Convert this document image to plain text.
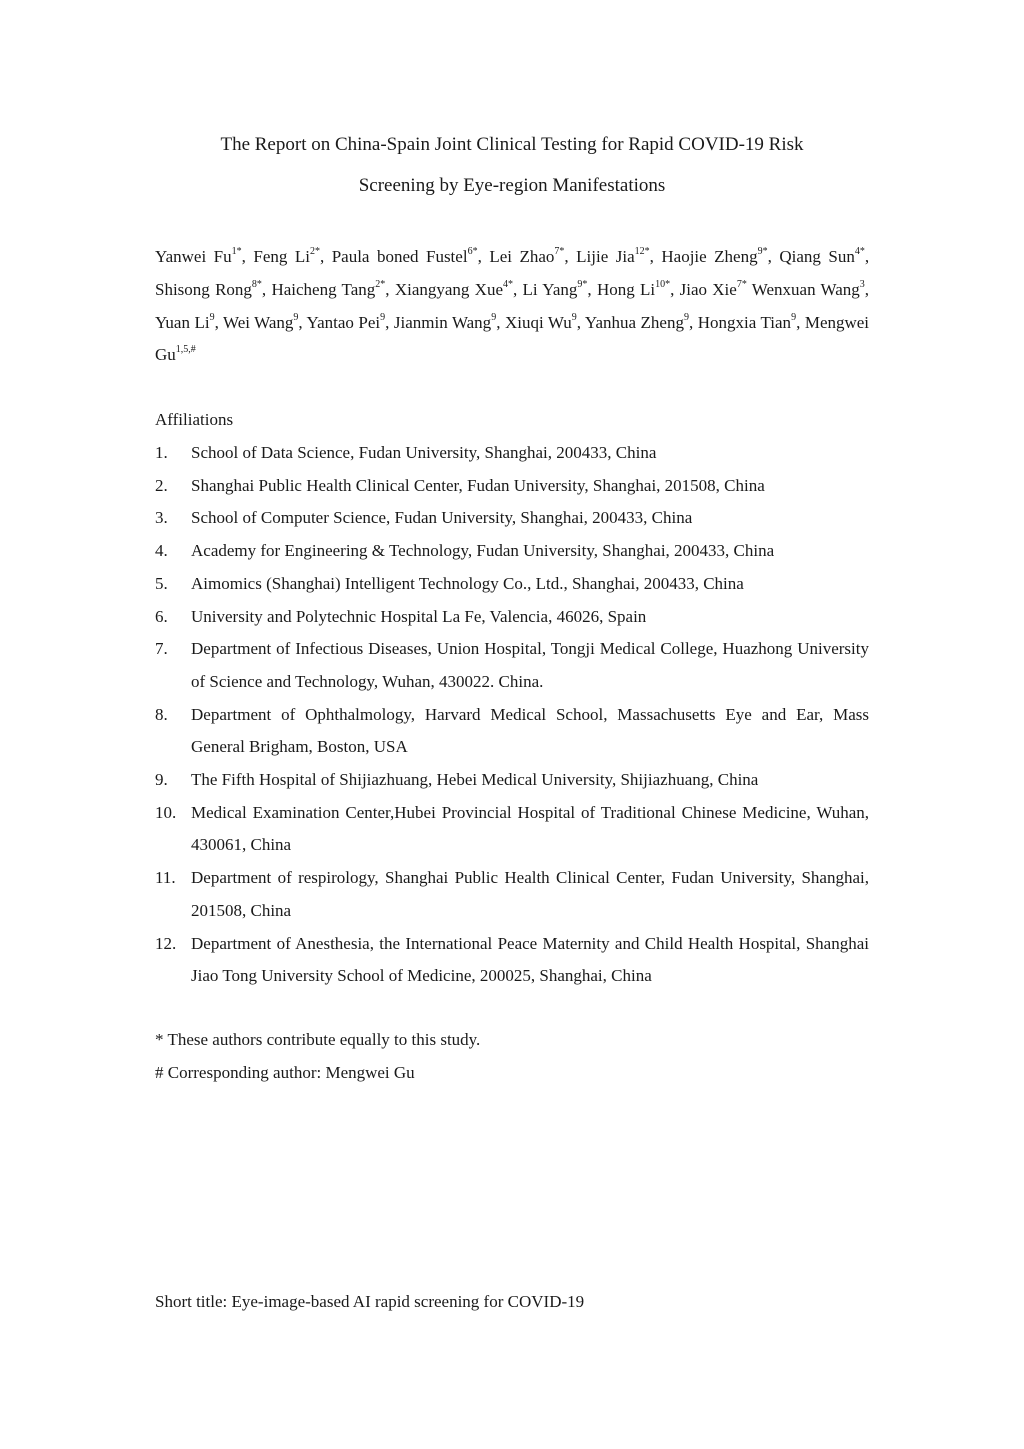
The Report on China-Spain Joint Clinical Testing for Rapid COVID-19 Risk
Screening by Eye-region Manifestations

Yanwei $Fu^{1*}$, Feng $Li^{2*}$, Paula boned Fustel$^{6*}$, Lei Zhao$^{7*}$, Lijie Jia$^{12*}$, Haojie Zheng$^{9*}$, Qiang Sun$^{4*}$, Shisong Rong$^{8*}$, Haicheng Tang$^{2*}$, Xiangyang Xue$^{4*}$, Li Yang$^{9*}$, Hong $Li^{10*}$, Jiao Xie$^{7*}$ Wenxuan Wang$^3$, Yuan Li$^9$, Wei Wang$^9$, Yantao Pei$^9$, Jianmin Wang$^9$, Xiuqi Wu$^9$, Yanhua Zheng$^9$, Hongxia Tian$^9$, Mengwei $Gu^{1,5,\#}$

Affiliations

1.	School of Data Science, Fudan University, Shanghai, 200433, China
2.	Shanghai Public Health Clinical Center, Fudan University, Shanghai, 201508, China
3.	School of Computer Science, Fudan University, Shanghai, 200433, China
4.	Academy for Engineering & Technology, Fudan University, Shanghai, 200433, China
5.	Aimomics (Shanghai) Intelligent Technology Co., Ltd., Shanghai, 200433, China
6.	University and Polytechnic Hospital La Fe, Valencia, 46026, Spain
7.	Department of Infectious Diseases, Union Hospital, Tongji Medical College, Huazhong University of Science and Technology, Wuhan, 430022. China.
8.	Department of Ophthalmology, Harvard Medical School, Massachusetts Eye and Ear, Mass General Brigham, Boston, USA
9.	The Fifth Hospital of Shijiazhuang, Hebei Medical University, Shijiazhuang, China
10. Medical Examination Center,Hubei Provincial Hospital of Traditional Chinese Medicine, Wuhan, 430061, China
11. Department of respirology, Shanghai Public Health Clinical Center, Fudan University, Shanghai, 201508, China
12. Department of Anesthesia, the International Peace Maternity and Child Health Hospital, Shanghai Jiao Tong University School of Medicine, 200025, Shanghai, China

* These authors contribute equally to this study.

# Corresponding author: Mengwei Gu

Short title: Eye-image-based AI rapid screening for COVID-19
